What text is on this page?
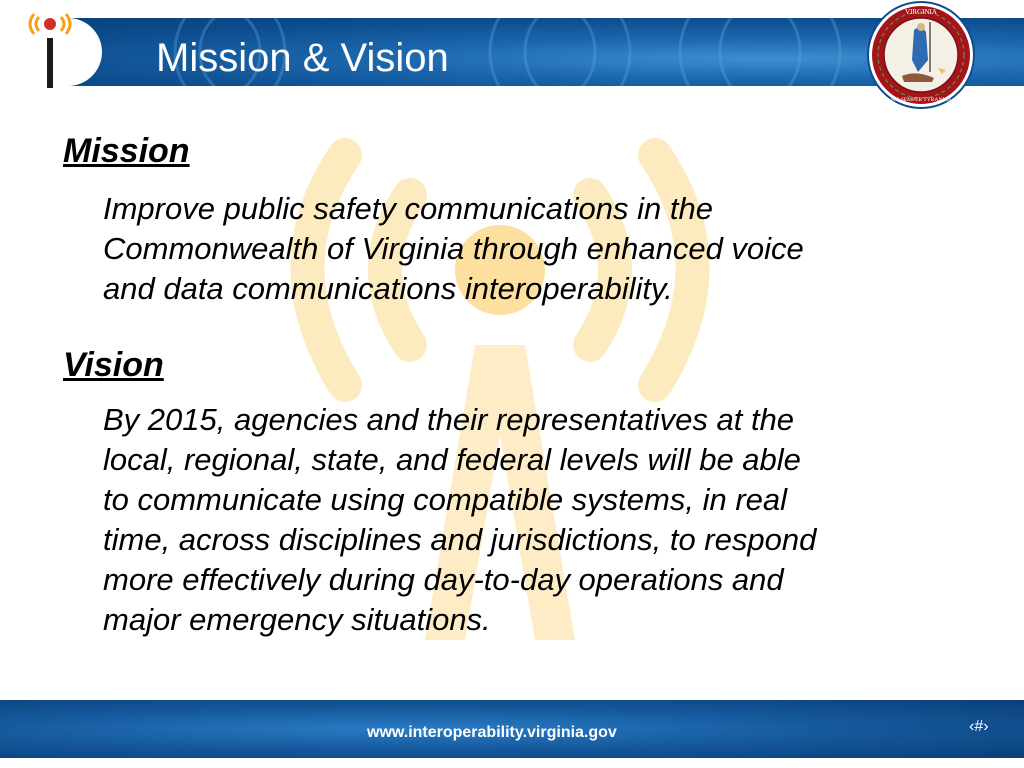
Mission & Vision
VIRGINIA
SIC SEMPER TYRANNIS
Mission
Improve public safety communications in the
Commonwealth of Virginia through enhanced voice
and data communications interoperability.
Vision
By 2015, agencies and their representatives at the
local, regional, state, and federal levels will be able
to communicate using compatible systems, in real
time, across disciplines and jurisdictions, to respond
more effectively during day-to-day operations and
major emergency situations.
www.interoperability.virginia.gov	‹#›
